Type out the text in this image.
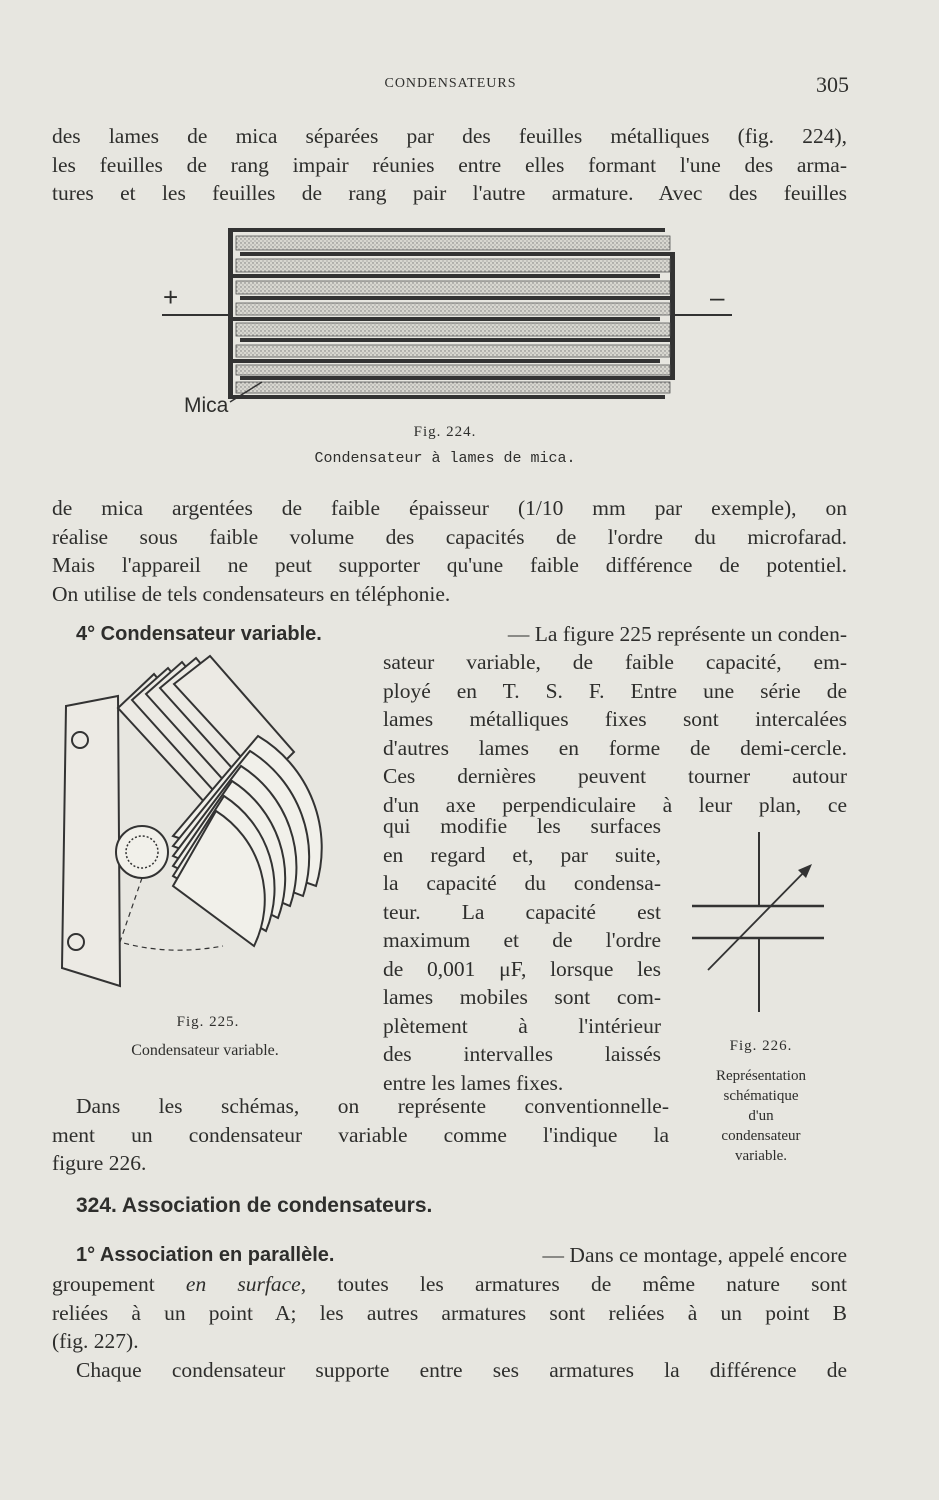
CONDENSATEURS	305
des lames de mica séparées par des feuilles métalliques (fig. 224),
les feuilles de rang impair réunies entre elles formant l'une des arma-
tures et les feuilles de rang pair l'autre armature. Avec des feuilles
+	–
Mica
Fig. 224.
Condensateur à lames de mica.
de mica argentées de faible épaisseur (1/10 mm par exemple), on
réalise sous faible volume des capacités de l'ordre du microfarad.
Mais l'appareil ne peut supporter qu'une faible différence de potentiel.
On utilise de tels condensateurs en téléphonie.
4° Condensateur variable.	— La figure 225 représente un conden-
sateur variable, de faible capacité, em-
ployé en T. S. F. Entre une série de
lames métalliques fixes sont intercalées
d'autres lames en forme de demi-cercle.
Ces dernières peuvent tourner autour
d'un axe perpendiculaire à leur plan, ce
qui modifie les surfaces
en regard et, par suite,
la capacité du condensa-
teur. La capacité est
maximum et de l'ordre
de 0,001 μF, lorsque les
lames mobiles sont com-
plètement à l'intérieur
des intervalles laissés
entre les lames fixes.
Fig. 225.
Condensateur variable.	Fig. 226.
Représentation
schématique
d'un
condensateur
variable.
Dans les schémas, on représente conventionnelle-
ment un condensateur variable comme l'indique la
figure 226.
324. Association de condensateurs.
1° Association en parallèle.	— Dans ce montage, appelé encore
groupement en surface, toutes les armatures de même nature sont
reliées à un point A; les autres armatures sont reliées à un point B
(fig. 227).
Chaque condensateur supporte entre ses armatures la différence de
